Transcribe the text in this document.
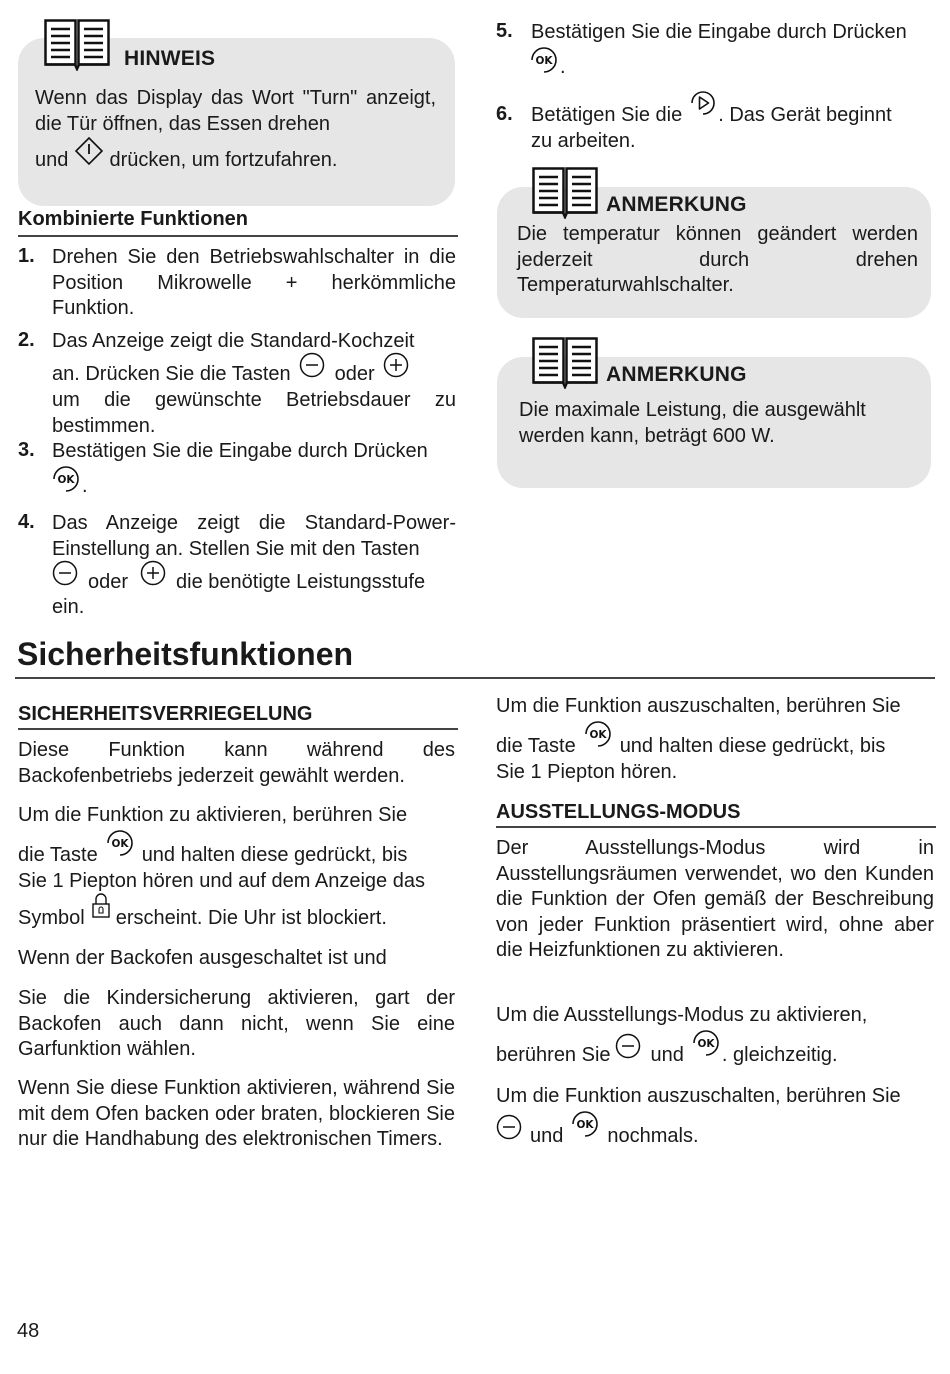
HINWEIS
Wenn das Display das Wort "Turn" anzeigt, die Tür öffnen, das Essen drehen
und drücken, um fortzufahren.
Kombinierte Funktionen
1. Drehen Sie den Betriebswahlschalter in die Position Mikrowelle + herkömmliche Funktion.
2. Das Anzeige zeigt die Standard-Kochzeit
an. Drücken Sie die Tasten oder
um die gewünschte Betriebsdauer zu bestimmen.
3. Bestätigen Sie die Eingabe durch Drücken
.
4. Das Anzeige zeigt die Standard-Power-Einstellung an. Stellen Sie mit den Tasten
oder die benötigte Leistungsstufe
ein.
5. Bestätigen Sie die Eingabe durch Drücken
.
6. Betätigen Sie die . Das Gerät beginnt
zu arbeiten.
ANMERKUNG
Die temperatur können geändert werden jederzeit durch drehen Temperaturwahlschalter.
ANMERKUNG
Die maximale Leistung, die ausgewählt werden kann, beträgt 600 W.
Sicherheitsfunktionen
SICHERHEITSVERRIEGELUNG
Diese Funktion kann während des Backofenbetriebs jederzeit gewählt werden.
Um die Funktion zu aktivieren, berühren Sie
die Taste und halten diese gedrückt, bis
Sie 1 Piepton hören und auf dem Anzeige das
Symbol erscheint. Die Uhr ist blockiert.
Wenn der Backofen ausgeschaltet ist und
Sie die Kindersicherung aktivieren, gart der Backofen auch dann nicht, wenn Sie eine Garfunktion wählen.
Wenn Sie diese Funktion aktivieren, während Sie mit dem Ofen backen oder braten, blockieren Sie nur die Handhabung des elektronischen Timers.
Um die Funktion auszuschalten, berühren Sie
die Taste und halten diese gedrückt, bis
Sie 1 Piepton hören.
AUSSTELLUNGS-MODUS
Der Ausstellungs-Modus wird in Ausstellungsräumen verwendet, wo den Kunden die Funktion der Ofen gemäß der Beschreibung von jeder Funktion präsentiert wird, ohne aber die Heizfunktionen zu aktivieren.
Um die Ausstellungs-Modus zu aktivieren,
berühren Sie und . gleichzeitig.
Um die Funktion auszuschalten, berühren Sie
und nochmals.
48
